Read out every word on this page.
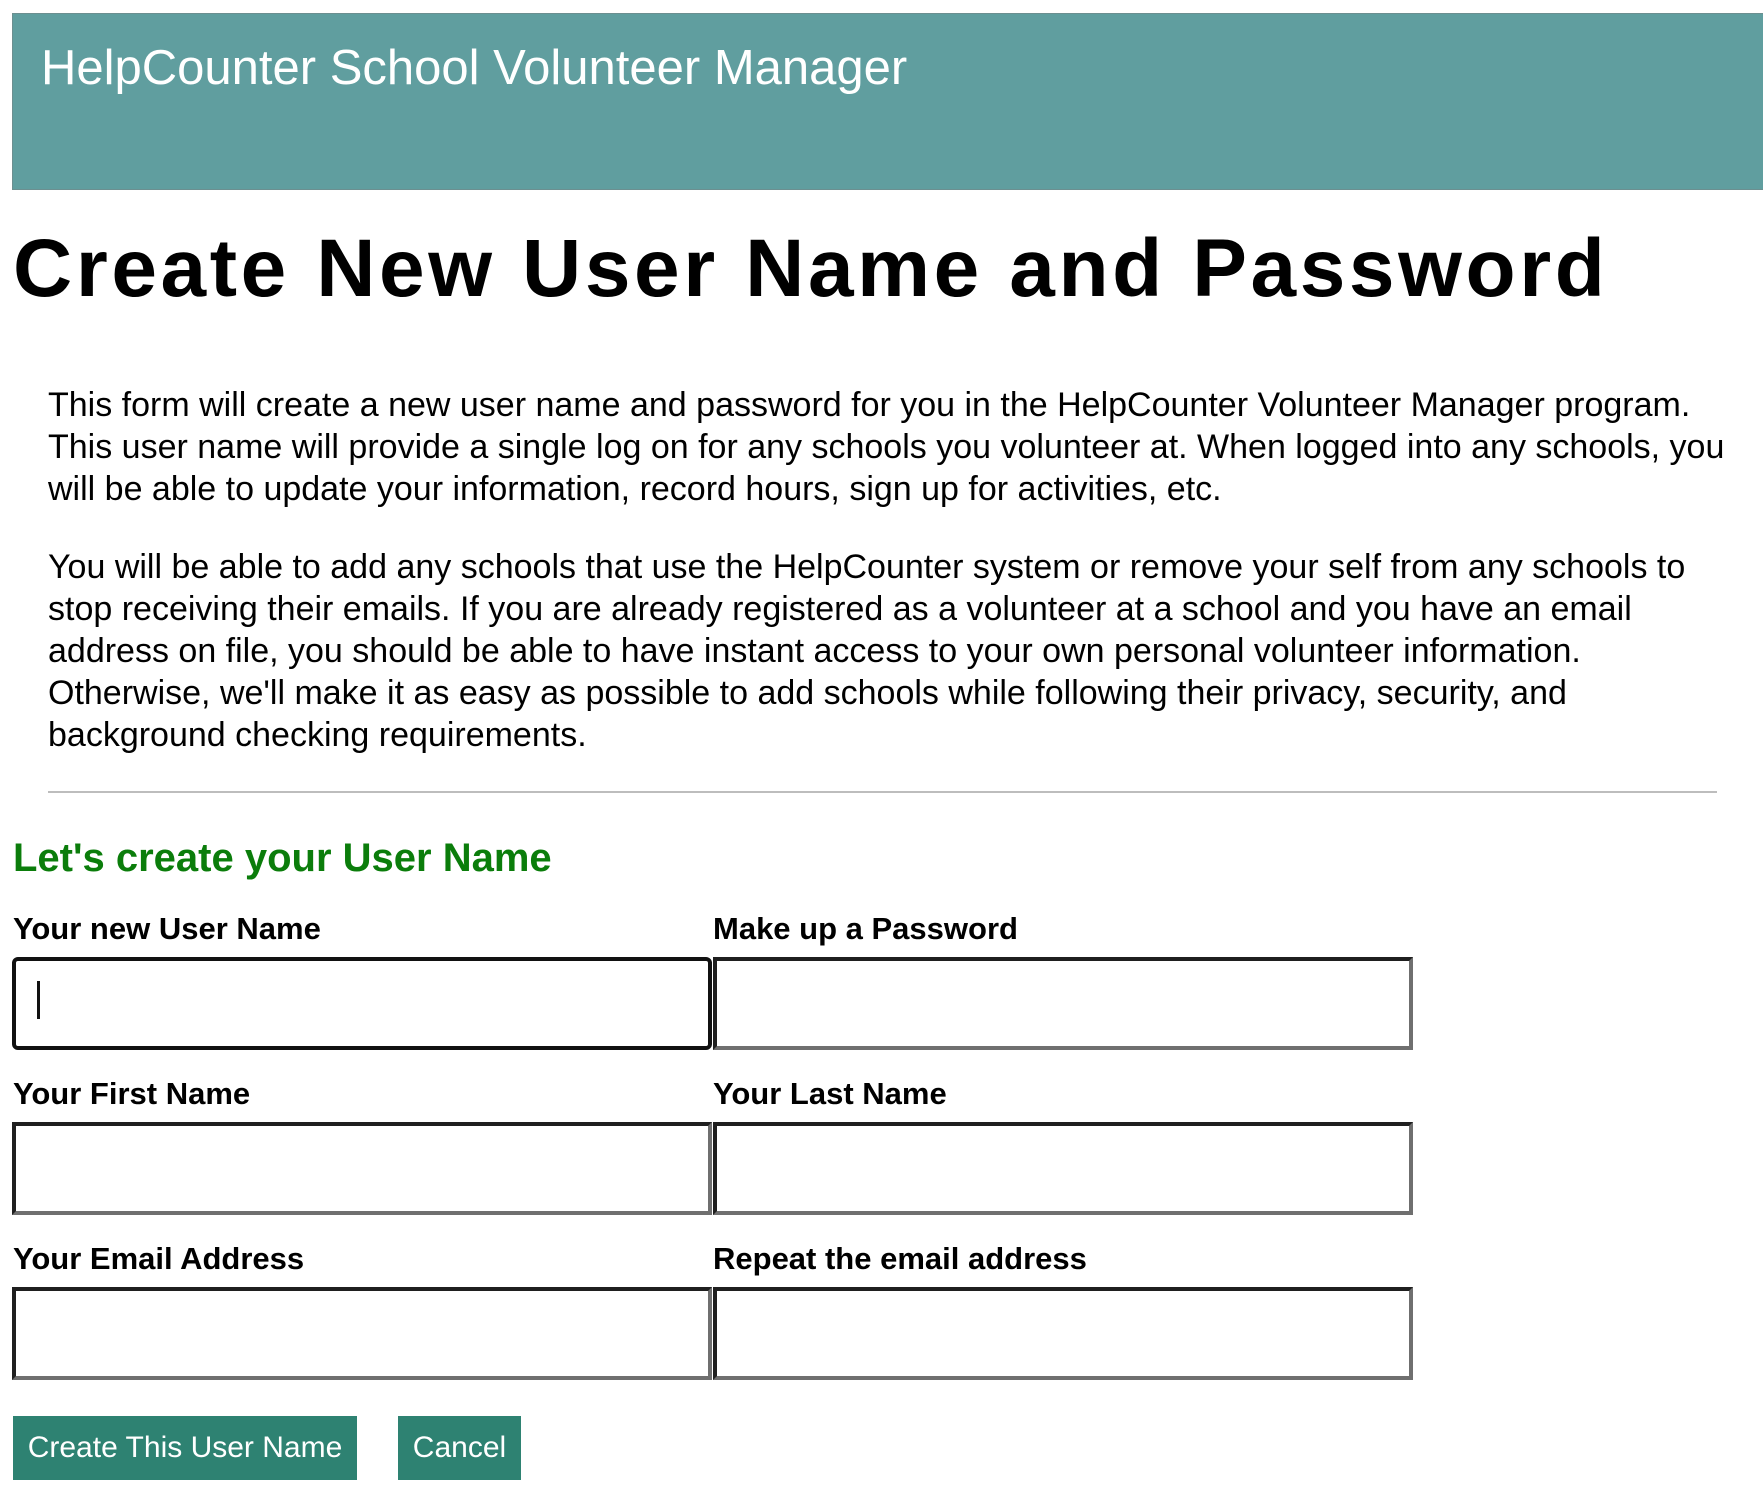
HelpCounter School Volunteer Manager
Create New User Name and Password

This form will create a new user name and password for you in the HelpCounter Volunteer Manager program. This user name will provide a single log on for any schools you volunteer at. When logged into any schools, you will be able to update your information, record hours, sign up for activities, etc.

You will be able to add any schools that use the HelpCounter system or remove your self from any schools to stop receiving their emails. If you are already registered as a volunteer at a school and you have an email address on file, you should be able to have instant access to your own personal volunteer information. Otherwise, we'll make it as easy as possible to add schools while following their privacy, security, and background checking requirements.

Let's create your User Name
Your new User Name	Make up a Password
Your First Name	Your Last Name
Your Email Address	Repeat the email address
Create This User Name	Cancel
